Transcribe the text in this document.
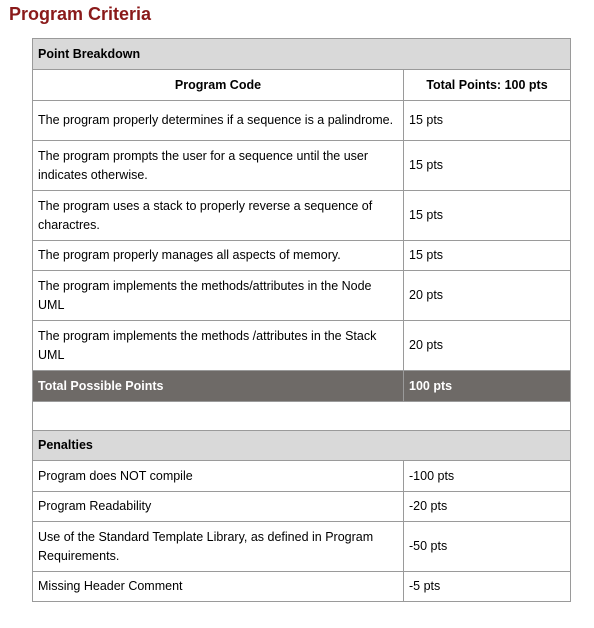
Program Criteria
Point Breakdown	
Program Code	Total Points: 100 pts
The program properly determines if a sequence is a palindrome.	15 pts
The program prompts the user for a sequence until the user indicates otherwise.	15 pts
The program uses a stack to properly reverse a sequence of charactres.	15 pts
The program properly manages all aspects of memory.	15 pts
The program implements the methods/attributes in the Node UML	20 pts
The program implements the methods /attributes in the Stack UML	20 pts
Total Possible Points	100 pts

Penalties	
Program does NOT compile	-100 pts
Program Readability	-20 pts
Use of the Standard Template Library, as defined in Program Requirements.	-50 pts
Missing Header Comment	-5 pts
